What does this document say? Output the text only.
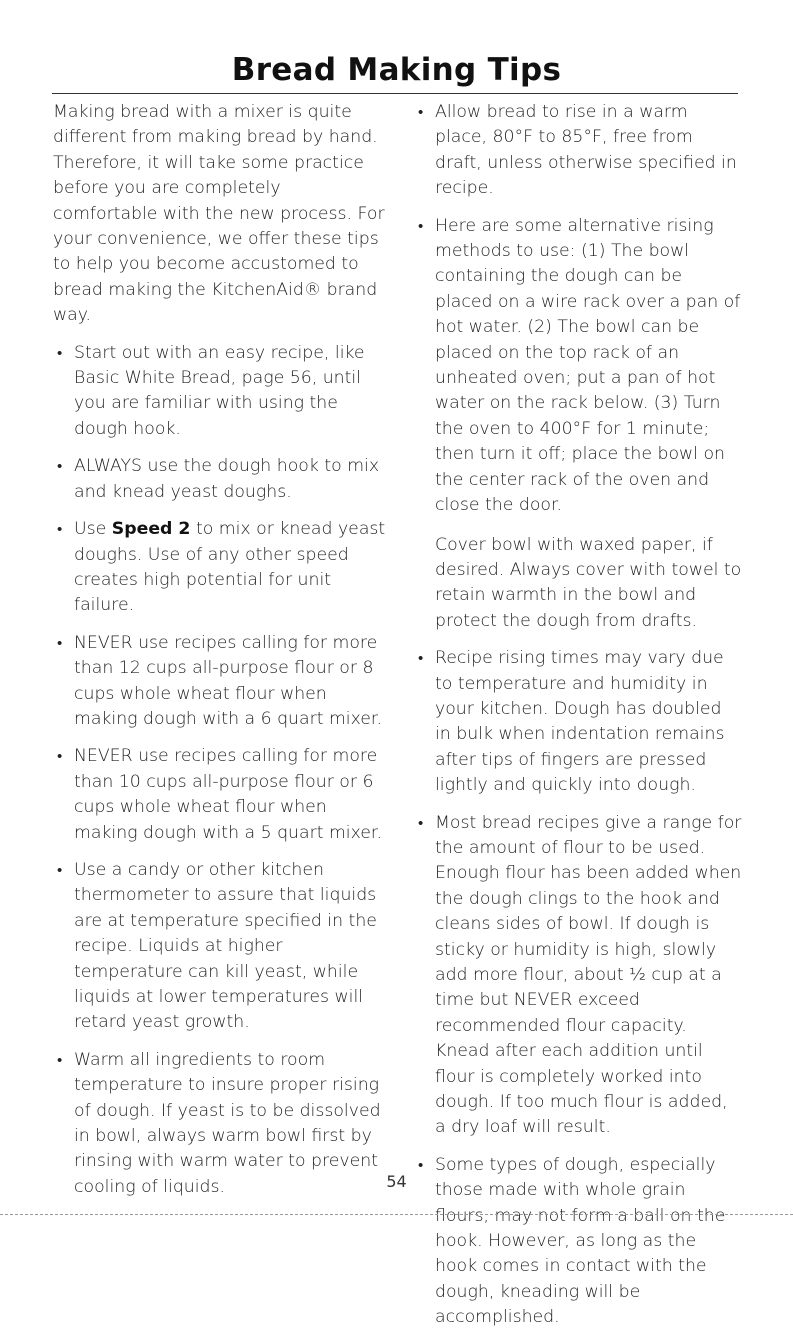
Bread Making Tips

Making bread with a mixer is quite different from making bread by hand. Therefore, it will take some practice before you are completely comfortable with the new process. For your convenience, we offer these tips to help you become accustomed to bread making the KitchenAid® brand way.

• Start out with an easy recipe, like Basic White Bread, page 56, until you are familiar with using the dough hook.

• ALWAYS use the dough hook to mix and knead yeast doughs.

• Use Speed 2 to mix or knead yeast doughs. Use of any other speed creates high potential for unit failure.

• NEVER use recipes calling for more than 12 cups all-purpose flour or 8 cups whole wheat flour when making dough with a 6 quart mixer.

• NEVER use recipes calling for more than 10 cups all-purpose flour or 6 cups whole wheat flour when making dough with a 5 quart mixer.

• Use a candy or other kitchen thermometer to assure that liquids are at temperature specified in the recipe. Liquids at higher temperature can kill yeast, while liquids at lower temperatures will retard yeast growth.

• Warm all ingredients to room temperature to insure proper rising of dough. If yeast is to be dissolved in bowl, always warm bowl first by rinsing with warm water to prevent cooling of liquids.

• Allow bread to rise in a warm place, 80°F to 85°F, free from draft, unless otherwise specified in recipe.

• Here are some alternative rising methods to use: (1) The bowl containing the dough can be placed on a wire rack over a pan of hot water. (2) The bowl can be placed on the top rack of an unheated oven; put a pan of hot water on the rack below. (3) Turn the oven to 400°F for 1 minute; then turn it off; place the bowl on the center rack of the oven and close the door.

Cover bowl with waxed paper, if desired. Always cover with towel to retain warmth in the bowl and protect the dough from drafts.

• Recipe rising times may vary due to temperature and humidity in your kitchen. Dough has doubled in bulk when indentation remains after tips of fingers are pressed lightly and quickly into dough.

• Most bread recipes give a range for the amount of flour to be used. Enough flour has been added when the dough clings to the hook and cleans sides of bowl. If dough is sticky or humidity is high, slowly add more flour, about ½ cup at a time but NEVER exceed recommended flour capacity. Knead after each addition until flour is completely worked into dough. If too much flour is added, a dry loaf will result.

• Some types of dough, especially those made with whole grain flours, may not form a ball on the hook. However, as long as the hook comes in contact with the dough, kneading will be accomplished.

54
